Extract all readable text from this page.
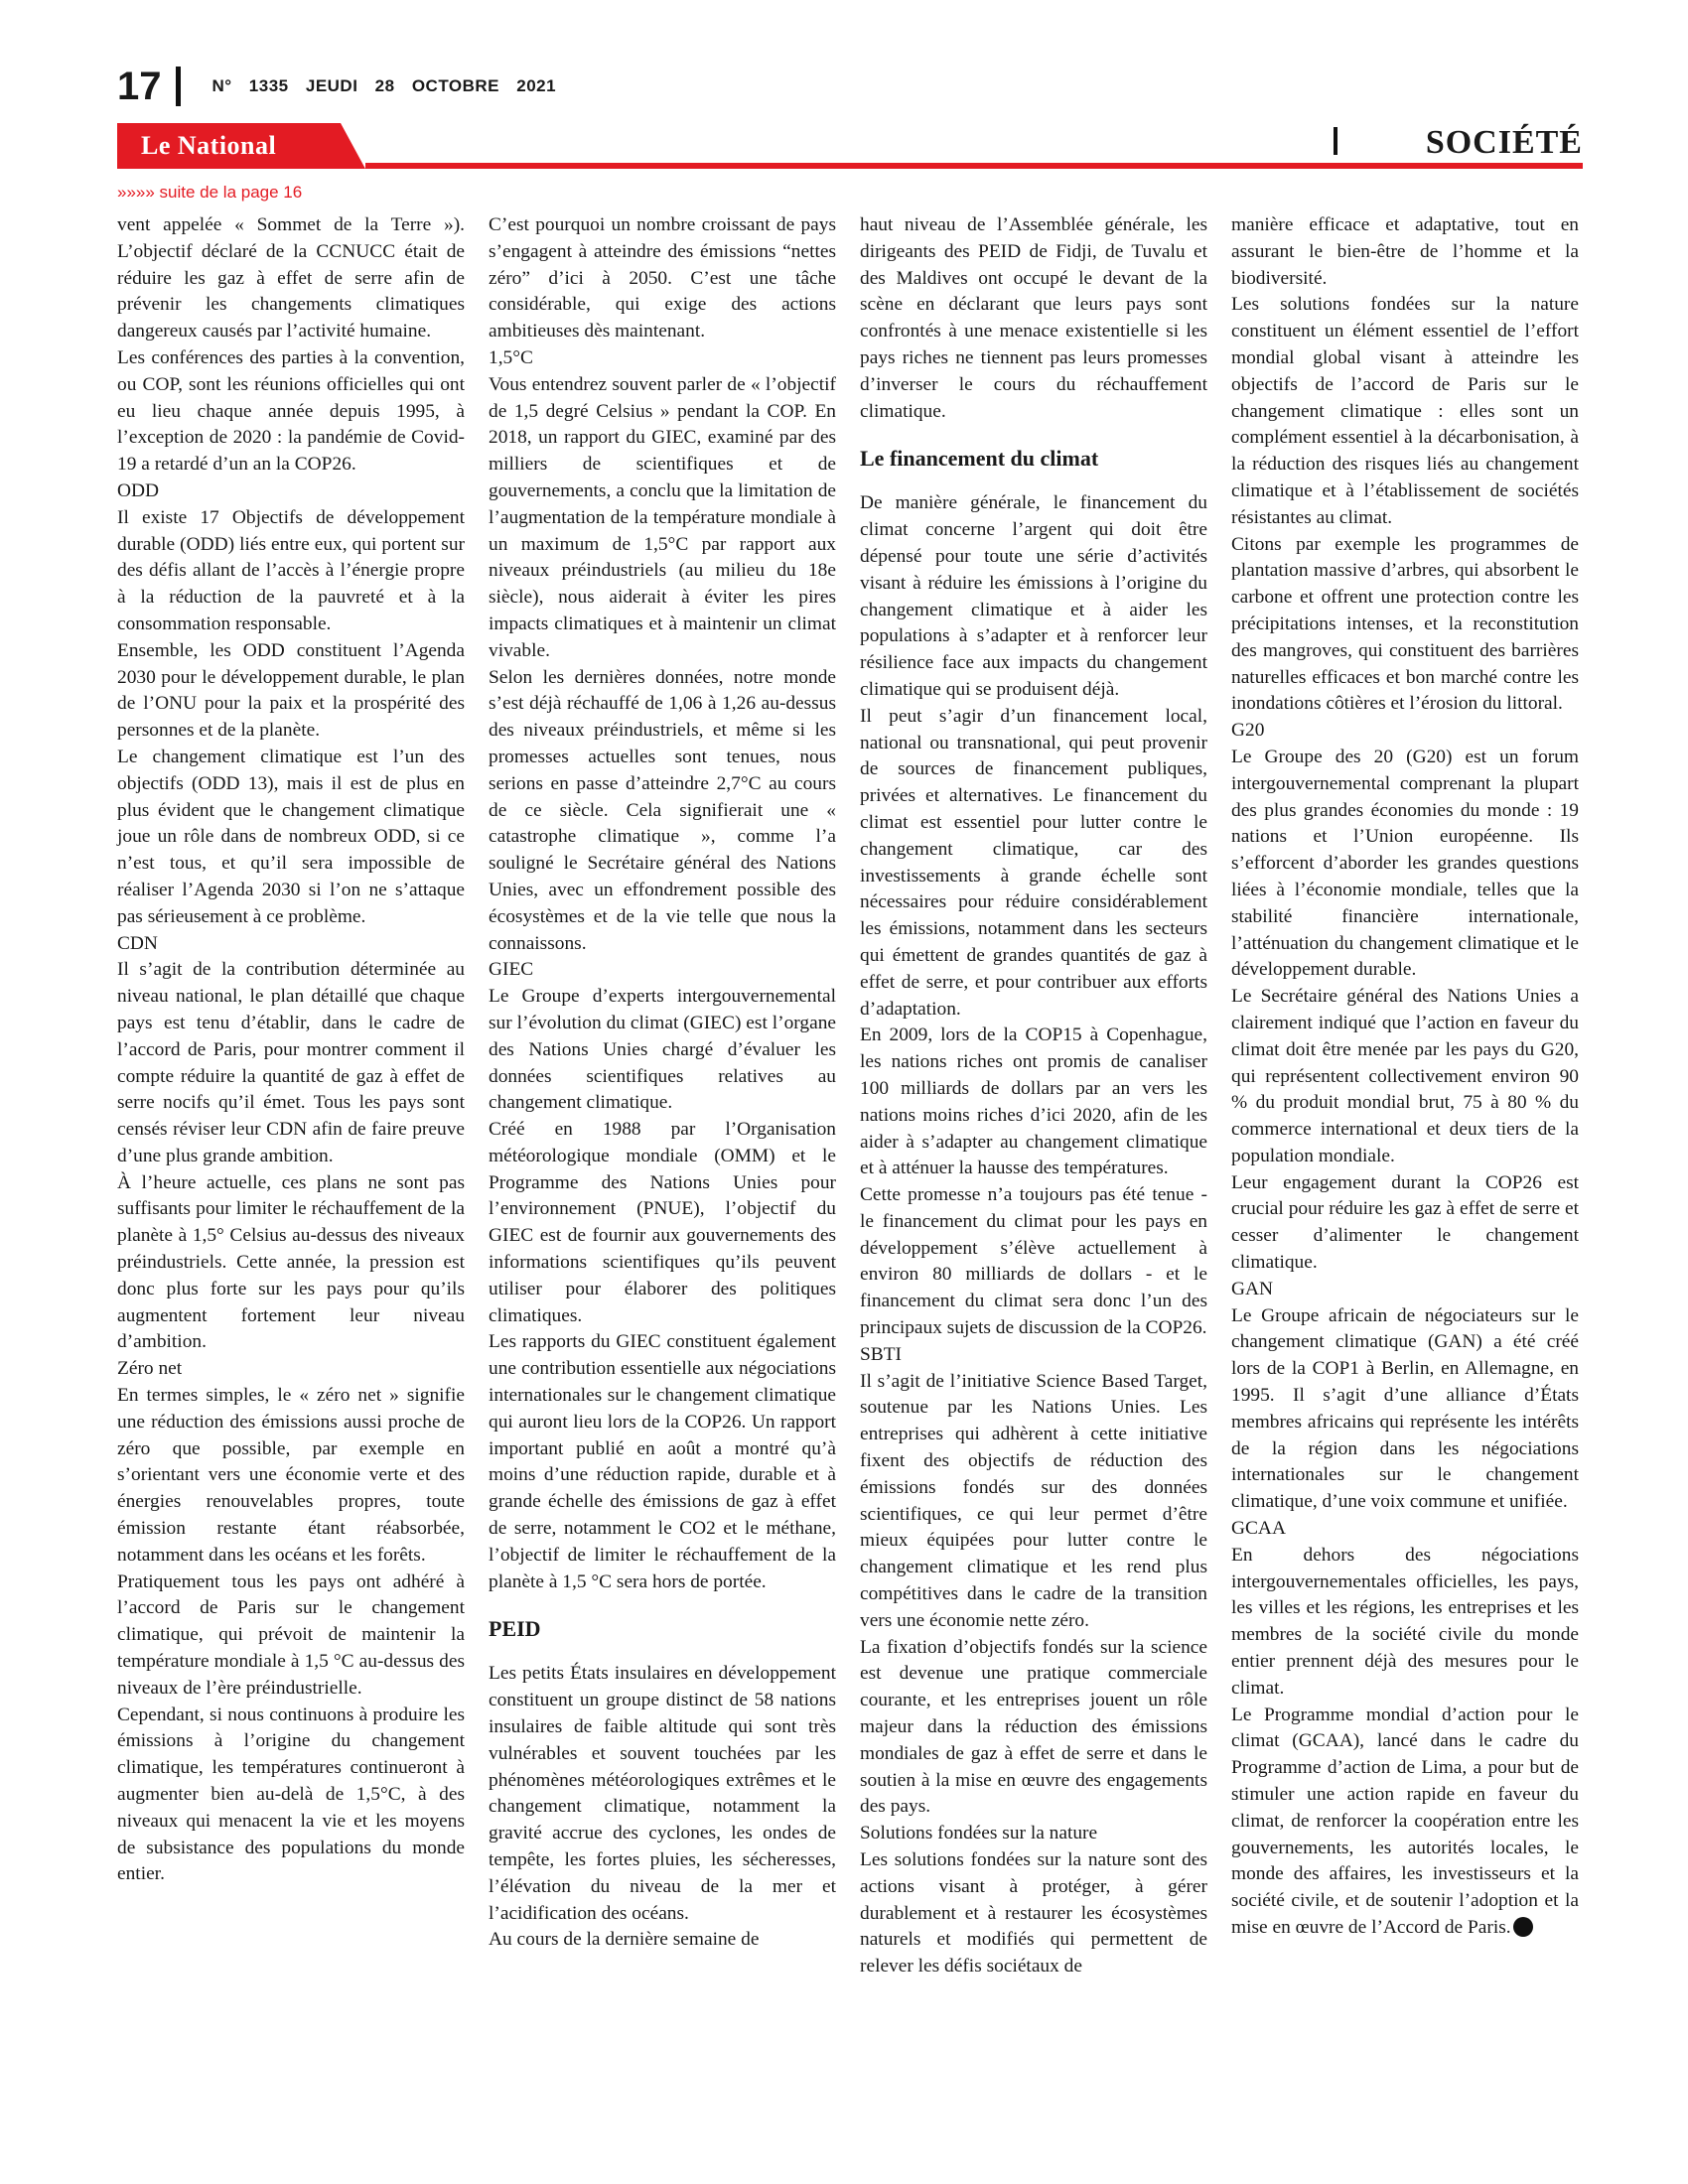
17	N° 1335 JEUDI 28 OCTOBRE 2021
Le National	SOCIÉTÉ
»»»» suite de la page 16

vent appelée « Sommet de la Terre »). L’objectif déclaré de la CCNUCC était de réduire les gaz à effet de serre afin de prévenir les changements climatiques dangereux causés par l’activité humaine.

Les conférences des parties à la convention, ou COP, sont les réunions officielles qui ont eu lieu chaque année depuis 1995, à l’exception de 2020 : la pandémie de Covid-19 a retardé d’un an la COP26.

ODD

Il existe 17 Objectifs de développement durable (ODD) liés entre eux, qui portent sur des défis allant de l’accès à l’énergie propre à la réduction de la pauvreté et à la consommation responsable.

Ensemble, les ODD constituent l’Agenda 2030 pour le développement durable, le plan de l’ONU pour la paix et la prospérité des personnes et de la planète.

Le changement climatique est l’un des objectifs (ODD 13), mais il est de plus en plus évident que le changement climatique joue un rôle dans de nombreux ODD, si ce n’est tous, et qu’il sera impossible de réaliser l’Agenda 2030 si l’on ne s’attaque pas sérieusement à ce problème.

CDN

Il s’agit de la contribution déterminée au niveau national, le plan détaillé que chaque pays est tenu d’établir, dans le cadre de l’accord de Paris, pour montrer comment il compte réduire la quantité de gaz à effet de serre nocifs qu’il émet. Tous les pays sont censés réviser leur CDN afin de faire preuve d’une plus grande ambition.

À l’heure actuelle, ces plans ne sont pas suffisants pour limiter le réchauffement de la planète à 1,5° Celsius au-dessus des niveaux préindustriels. Cette année, la pression est donc plus forte sur les pays pour qu’ils augmentent fortement leur niveau d’ambition.

Zéro net

En termes simples, le « zéro net » signifie une réduction des émissions aussi proche de zéro que possible, par exemple en s’orientant vers une économie verte et des énergies renouvelables propres, toute émission restante étant réabsorbée, notamment dans les océans et les forêts.

Pratiquement tous les pays ont adhéré à l’accord de Paris sur le changement climatique, qui prévoit de maintenir la température mondiale à 1,5 °C au-dessus des niveaux de l’ère préindustrielle.

Cependant, si nous continuons à produire les émissions à l’origine du changement climatique, les températures continueront à augmenter bien au-delà de 1,5°C, à des niveaux qui menacent la vie et les moyens de subsistance des populations du monde entier.

C’est pourquoi un nombre croissant de pays s’engagent à atteindre des émissions “nettes zéro” d’ici à 2050. C’est une tâche considérable, qui exige des actions ambitieuses dès maintenant.

1,5°C

Vous entendrez souvent parler de « l’objectif de 1,5 degré Celsius » pendant la COP. En 2018, un rapport du GIEC, examiné par des milliers de scientifiques et de gouvernements, a conclu que la limitation de l’augmentation de la température mondiale à un maximum de 1,5°C par rapport aux niveaux préindustriels (au milieu du 18e siècle), nous aiderait à éviter les pires impacts climatiques et à maintenir un climat vivable.

Selon les dernières données, notre monde s’est déjà réchauffé de 1,06 à 1,26 au-dessus des niveaux préindustriels, et même si les promesses actuelles sont tenues, nous serions en passe d’atteindre 2,7°C au cours de ce siècle. Cela signifierait une « catastrophe climatique », comme l’a souligné le Secrétaire général des Nations Unies, avec un effondrement possible des écosystèmes et de la vie telle que nous la connaissons.

GIEC

Le Groupe d’experts intergouvernemental sur l’évolution du climat (GIEC) est l’organe des Nations Unies chargé d’évaluer les données scientifiques relatives au changement climatique.

Créé en 1988 par l’Organisation météorologique mondiale (OMM) et le Programme des Nations Unies pour l’environnement (PNUE), l’objectif du GIEC est de fournir aux gouvernements des informations scientifiques qu’ils peuvent utiliser pour élaborer des politiques climatiques.

Les rapports du GIEC constituent également une contribution essentielle aux négociations internationales sur le changement climatique qui auront lieu lors de la COP26. Un rapport important publié en août a montré qu’à moins d’une réduction rapide, durable et à grande échelle des émissions de gaz à effet de serre, notamment le CO2 et le méthane, l’objectif de limiter le réchauffement de la planète à 1,5 °C sera hors de portée.

PEID

Les petits États insulaires en développement constituent un groupe distinct de 58 nations insulaires de faible altitude qui sont très vulnérables et souvent touchées par les phénomènes météorologiques extrêmes et le changement climatique, notamment la gravité accrue des cyclones, les ondes de tempête, les fortes pluies, les sécheresses, l’élévation du niveau de la mer et l’acidification des océans.

Au cours de la dernière semaine de

haut niveau de l’Assemblée générale, les dirigeants des PEID de Fidji, de Tuvalu et des Maldives ont occupé le devant de la scène en déclarant que leurs pays sont confrontés à une menace existentielle si les pays riches ne tiennent pas leurs promesses d’inverser le cours du réchauffement climatique.

Le financement du climat

De manière générale, le financement du climat concerne l’argent qui doit être dépensé pour toute une série d’activités visant à réduire les émissions à l’origine du changement climatique et à aider les populations à s’adapter et à renforcer leur résilience face aux impacts du changement climatique qui se produisent déjà.

Il peut s’agir d’un financement local, national ou transnational, qui peut provenir de sources de financement publiques, privées et alternatives. Le financement du climat est essentiel pour lutter contre le changement climatique, car des investissements à grande échelle sont nécessaires pour réduire considérablement les émissions, notamment dans les secteurs qui émettent de grandes quantités de gaz à effet de serre, et pour contribuer aux efforts d’adaptation.

En 2009, lors de la COP15 à Copenhague, les nations riches ont promis de canaliser 100 milliards de dollars par an vers les nations moins riches d’ici 2020, afin de les aider à s’adapter au changement climatique et à atténuer la hausse des températures.

Cette promesse n’a toujours pas été tenue - le financement du climat pour les pays en développement s’élève actuellement à environ 80 milliards de dollars - et le financement du climat sera donc l’un des principaux sujets de discussion de la COP26.

SBTI

Il s’agit de l’initiative Science Based Target, soutenue par les Nations Unies. Les entreprises qui adhèrent à cette initiative fixent des objectifs de réduction des émissions fondés sur des données scientifiques, ce qui leur permet d’être mieux équipées pour lutter contre le changement climatique et les rend plus compétitives dans le cadre de la transition vers une économie nette zéro.

La fixation d’objectifs fondés sur la science est devenue une pratique commerciale courante, et les entreprises jouent un rôle majeur dans la réduction des émissions mondiales de gaz à effet de serre et dans le soutien à la mise en œuvre des engagements des pays.

Solutions fondées sur la nature

Les solutions fondées sur la nature sont des actions visant à protéger, à gérer durablement et à restaurer les écosystèmes naturels et modifiés qui permettent de relever les défis sociétaux de

manière efficace et adaptative, tout en assurant le bien-être de l’homme et la biodiversité.

Les solutions fondées sur la nature constituent un élément essentiel de l’effort mondial global visant à atteindre les objectifs de l’accord de Paris sur le changement climatique : elles sont un complément essentiel à la décarbonisation, à la réduction des risques liés au changement climatique et à l’établissement de sociétés résistantes au climat.

Citons par exemple les programmes de plantation massive d’arbres, qui absorbent le carbone et offrent une protection contre les précipitations intenses, et la reconstitution des mangroves, qui constituent des barrières naturelles efficaces et bon marché contre les inondations côtières et l’érosion du littoral.

G20

Le Groupe des 20 (G20) est un forum intergouvernemental comprenant la plupart des plus grandes économies du monde : 19 nations et l’Union européenne. Ils s’efforcent d’aborder les grandes questions liées à l’économie mondiale, telles que la stabilité financière internationale, l’atténuation du changement climatique et le développement durable.

Le Secrétaire général des Nations Unies a clairement indiqué que l’action en faveur du climat doit être menée par les pays du G20, qui représentent collectivement environ 90 % du produit mondial brut, 75 à 80 % du commerce international et deux tiers de la population mondiale.

Leur engagement durant la COP26 est crucial pour réduire les gaz à effet de serre et cesser d’alimenter le changement climatique.

GAN

Le Groupe africain de négociateurs sur le changement climatique (GAN) a été créé lors de la COP1 à Berlin, en Allemagne, en 1995. Il s’agit d’une alliance d’États membres africains qui représente les intérêts de la région dans les négociations internationales sur le changement climatique, d’une voix commune et unifiée.

GCAA

En dehors des négociations intergouvernementales officielles, les pays, les villes et les régions, les entreprises et les membres de la société civile du monde entier prennent déjà des mesures pour le climat.

Le Programme mondial d’action pour le climat (GCAA), lancé dans le cadre du Programme d’action de Lima, a pour but de stimuler une action rapide en faveur du climat, de renforcer la coopération entre les gouvernements, les autorités locales, le monde des affaires, les investisseurs et la société civile, et de soutenir l’adoption et la mise en œuvre de l’Accord de Paris.
